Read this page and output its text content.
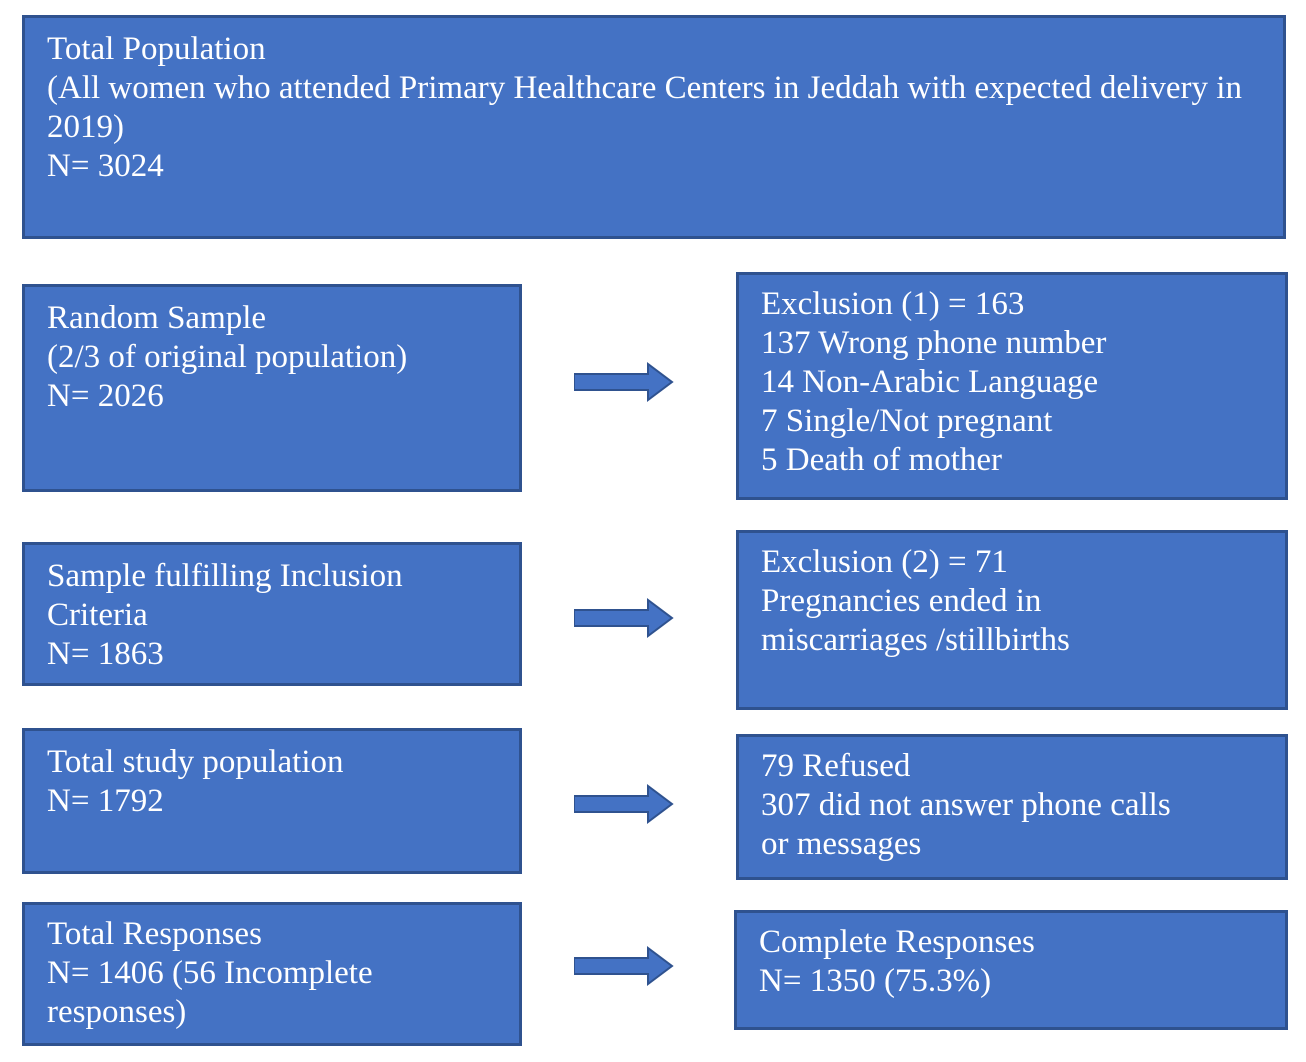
Total Population
(All women who attended Primary Healthcare Centers in Jeddah with expected delivery in 2019)
N= 3024
Random Sample
(2/3 of original population)
N= 2026
Exclusion (1) = 163
137 Wrong phone number
14 Non-Arabic Language
7 Single/Not pregnant
5 Death of mother
Sample fulfilling Inclusion
Criteria
N= 1863
Exclusion (2) = 71
Pregnancies ended in
miscarriages /stillbirths
Total study population
N= 1792
79 Refused
307 did not answer phone calls
or messages
Total Responses
N= 1406 (56 Incomplete
responses)
Complete Responses
N= 1350 (75.3%)
